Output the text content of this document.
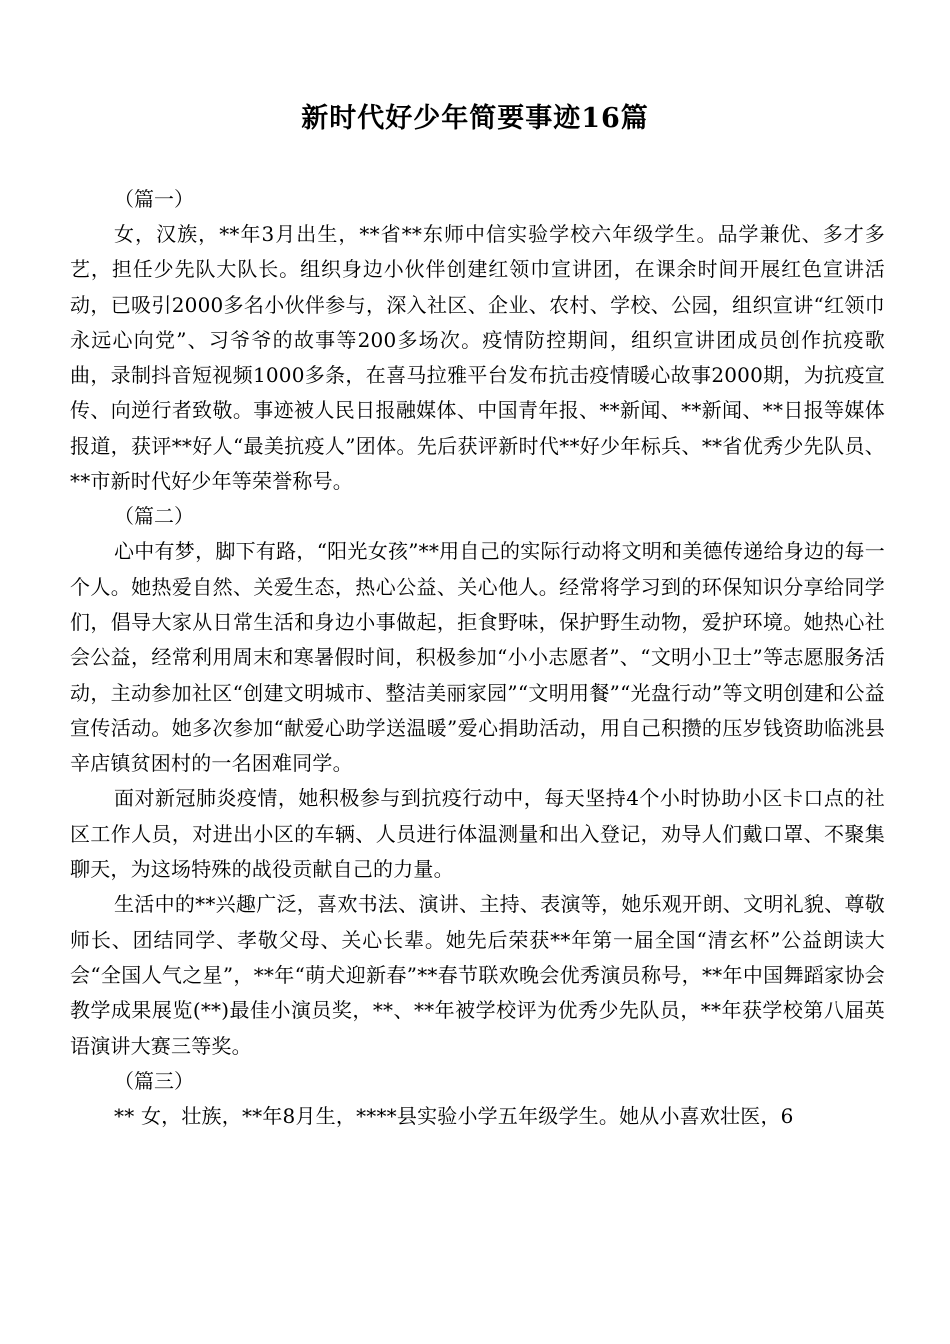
新时代好少年简要事迹16篇

（篇一）

女，汉族，**年3月出生，**省**东师中信实验学校六年级学生。品学兼优、多才多艺，担任少先队大队长。组织身边小伙伴创建红领巾宣讲团，在课余时间开展红色宣讲活动，已吸引2000多名小伙伴参与，深入社区、企业、农村、学校、公园，组织宣讲“红领巾永远心向党”、习爷爷的故事等200多场次。疫情防控期间，组织宣讲团成员创作抗疫歌曲，录制抖音短视频1000多条，在喜马拉雅平台发布抗击疫情暖心故事2000期，为抗疫宣传、向逆行者致敬。事迹被人民日报融媒体、中国青年报、**新闻、**新闻、**日报等媒体报道，获评**好人“最美抗疫人”团体。先后获评新时代**好少年标兵、**省优秀少先队员、**市新时代好少年等荣誉称号。

（篇二）

心中有梦，脚下有路，“阳光女孩”**用自己的实际行动将文明和美德传递给身边的每一个人。她热爱自然、关爱生态，热心公益、关心他人。经常将学习到的环保知识分享给同学们，倡导大家从日常生活和身边小事做起，拒食野味，保护野生动物，爱护环境。她热心社会公益，经常利用周末和寒暑假时间，积极参加“小小志愿者”、“文明小卫士”等志愿服务活动，主动参加社区“创建文明城市、整洁美丽家园”“文明用餐”“光盘行动”等文明创建和公益宣传活动。她多次参加“献爱心助学送温暖”爱心捐助活动，用自己积攒的压岁钱资助临洮县辛店镇贫困村的一名困难同学。

面对新冠肺炎疫情，她积极参与到抗疫行动中，每天坚持4个小时协助小区卡口点的社区工作人员，对进出小区的车辆、人员进行体温测量和出入登记，劝导人们戴口罩、不聚集聊天，为这场特殊的战役贡献自己的力量。

生活中的**兴趣广泛，喜欢书法、演讲、主持、表演等，她乐观开朗、文明礼貌、尊敬师长、团结同学、孝敬父母、关心长辈。她先后荣获**年第一届全国“清玄杯”公益朗读大会“全国人气之星”，**年“萌犬迎新春”**春节联欢晚会优秀演员称号，**年中国舞蹈家协会教学成果展览(**)最佳小演员奖，**、**年被学校评为优秀少先队员，**年获学校第八届英语演讲大赛三等奖。

（篇三）

** 女，壮族，**年8月生，****县实验小学五年级学生。她从小喜欢壮医，6
